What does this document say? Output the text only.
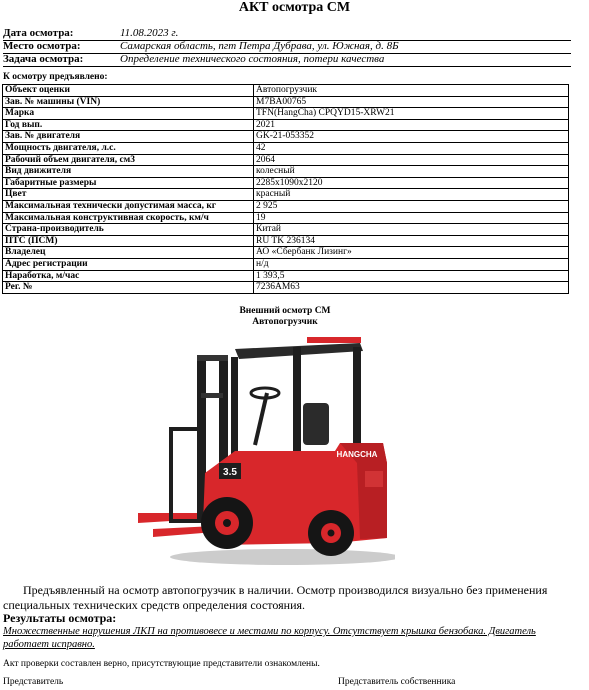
АКТ осмотра СМ
Дата осмотра:	11.08.2023 г.
Место осмотра:	Самарская область, пгт Петра Дубрава, ул. Южная, д. 8Б
Задача осмотра:	Определение технического состояния, потери качества
К осмотру предъявлено:
Объект оценки	Автопогрузчик
Зав. № машины (VIN)	M7BA00765
Марка	TFN(HangCha) CPQYD15-XRW21
Год вып.	2021
Зав. № двигателя	GK-21-053352
Мощность двигателя, л.с.	42
Рабочий объем двигателя, см3	2064
Вид движителя	колесный
Габаритные размеры	2285х1090х2120
Цвет	красный
Максимальная технически допустимая масса, кг	2 925
Максимальная конструктивная скорость, км/ч	19
Страна-производитель	Китай
ПТС (ПСМ)	RU TK 236134
Владелец	АО «Сбербанк Лизинг»
Адрес регистрации	н/д
Наработка, м/час	1 393,5
Рег. №	7236АМ63
Внешний осмотр СМ
Автопогрузчик
3.5
HANGCHA
Предъявленный на осмотр автопогрузчик в наличии. Осмотр производился визуально без применения специальных технических средств определения состояния.
Результаты осмотра:
Множественные нарушения ЛКП на противовесе и местами по корпусу. Отсутствует крышка бензобака. Двигатель работает исправно.
Акт проверки составлен верно, присутствующие представители ознакомлены.
Представитель	Представитель собственника
